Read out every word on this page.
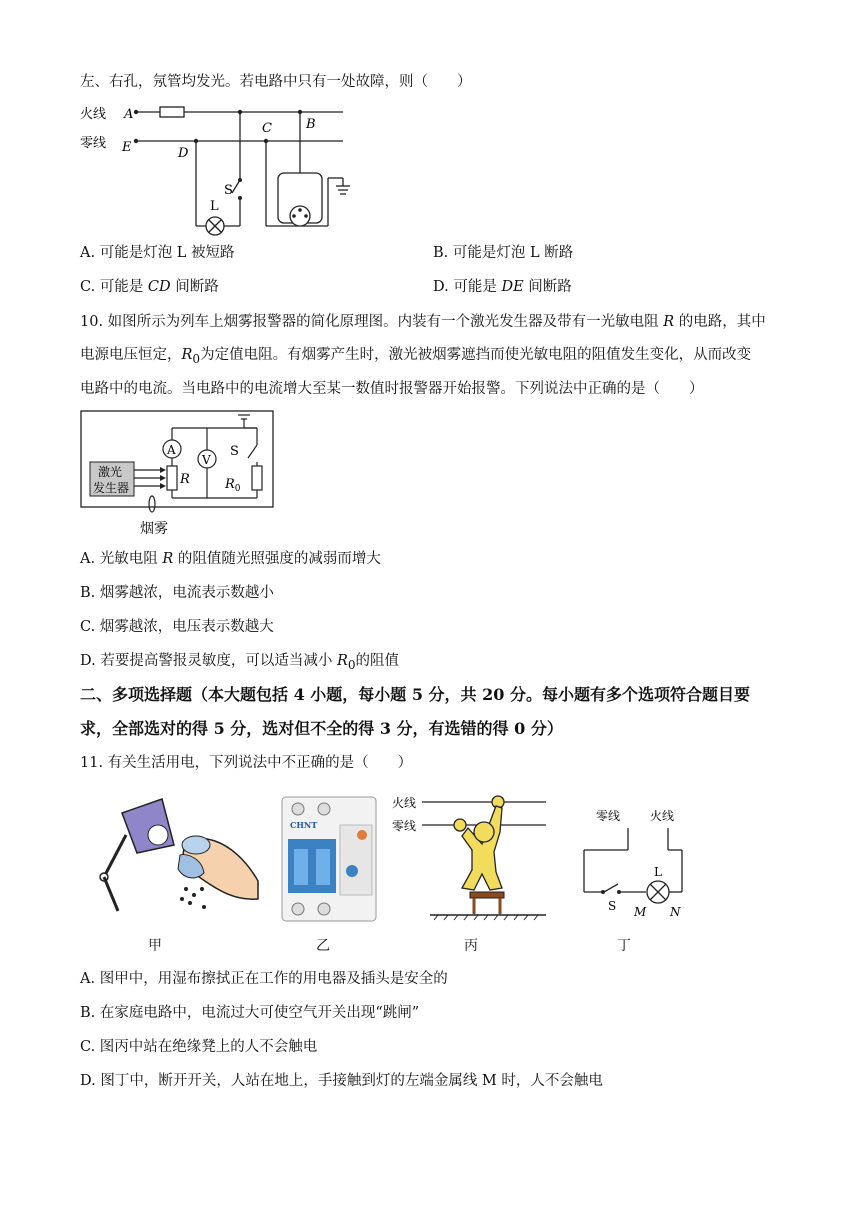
左、右孔，氖管均发光。若电路中只有一处故障，则（　　）
火线
零线
A
E	D
C	B
L
S
A. 可能是灯泡 L 被短路	B. 可能是灯泡 L 断路
C. 可能是 CD 间断路	D. 可能是 DE 间断路
10. 如图所示为列车上烟雾报警器的简化原理图。内装有一个激光发生器及带有一光敏电阻 R 的电路，其中
电源电压恒定，$R_0$为定值电阻。有烟雾产生时，激光被烟雾遮挡而使光敏电阻的阻值发生变化，从而改变
电路中的电流。当电路中的电流增大至某一数值时报警器开始报警。下列说法中正确的是（　　）
A
V
R	$R_0$
S
激光
发生器
烟雾
A. 光敏电阻 R 的阻值随光照强度的减弱而增大
B. 烟雾越浓，电流表示数越小
C. 烟雾越浓，电压表示数越大
D. 若要提高警报灵敏度，可以适当减小 $R_0$的阻值
二、多项选择题（本大题包括 4 小题，每小题 5 分，共 20 分。每小题有多个选项符合题目要
求，全部选对的得 5 分，选对但不全的得 3 分，有选错的得 0 分）
11. 有关生活用电，下列说法中不正确的是（　　）
甲
CHNT
乙
火线
零线
丙
零线 火线
L
S M N
丁
A. 图甲中，用湿布擦拭正在工作的用电器及插头是安全的
B. 在家庭电路中，电流过大可使空气开关出现“跳闸”
C. 图丙中站在绝缘凳上的人不会触电
D. 图丁中，断开开关，人站在地上，手接触到灯的左端金属线 M 时，人不会触电
